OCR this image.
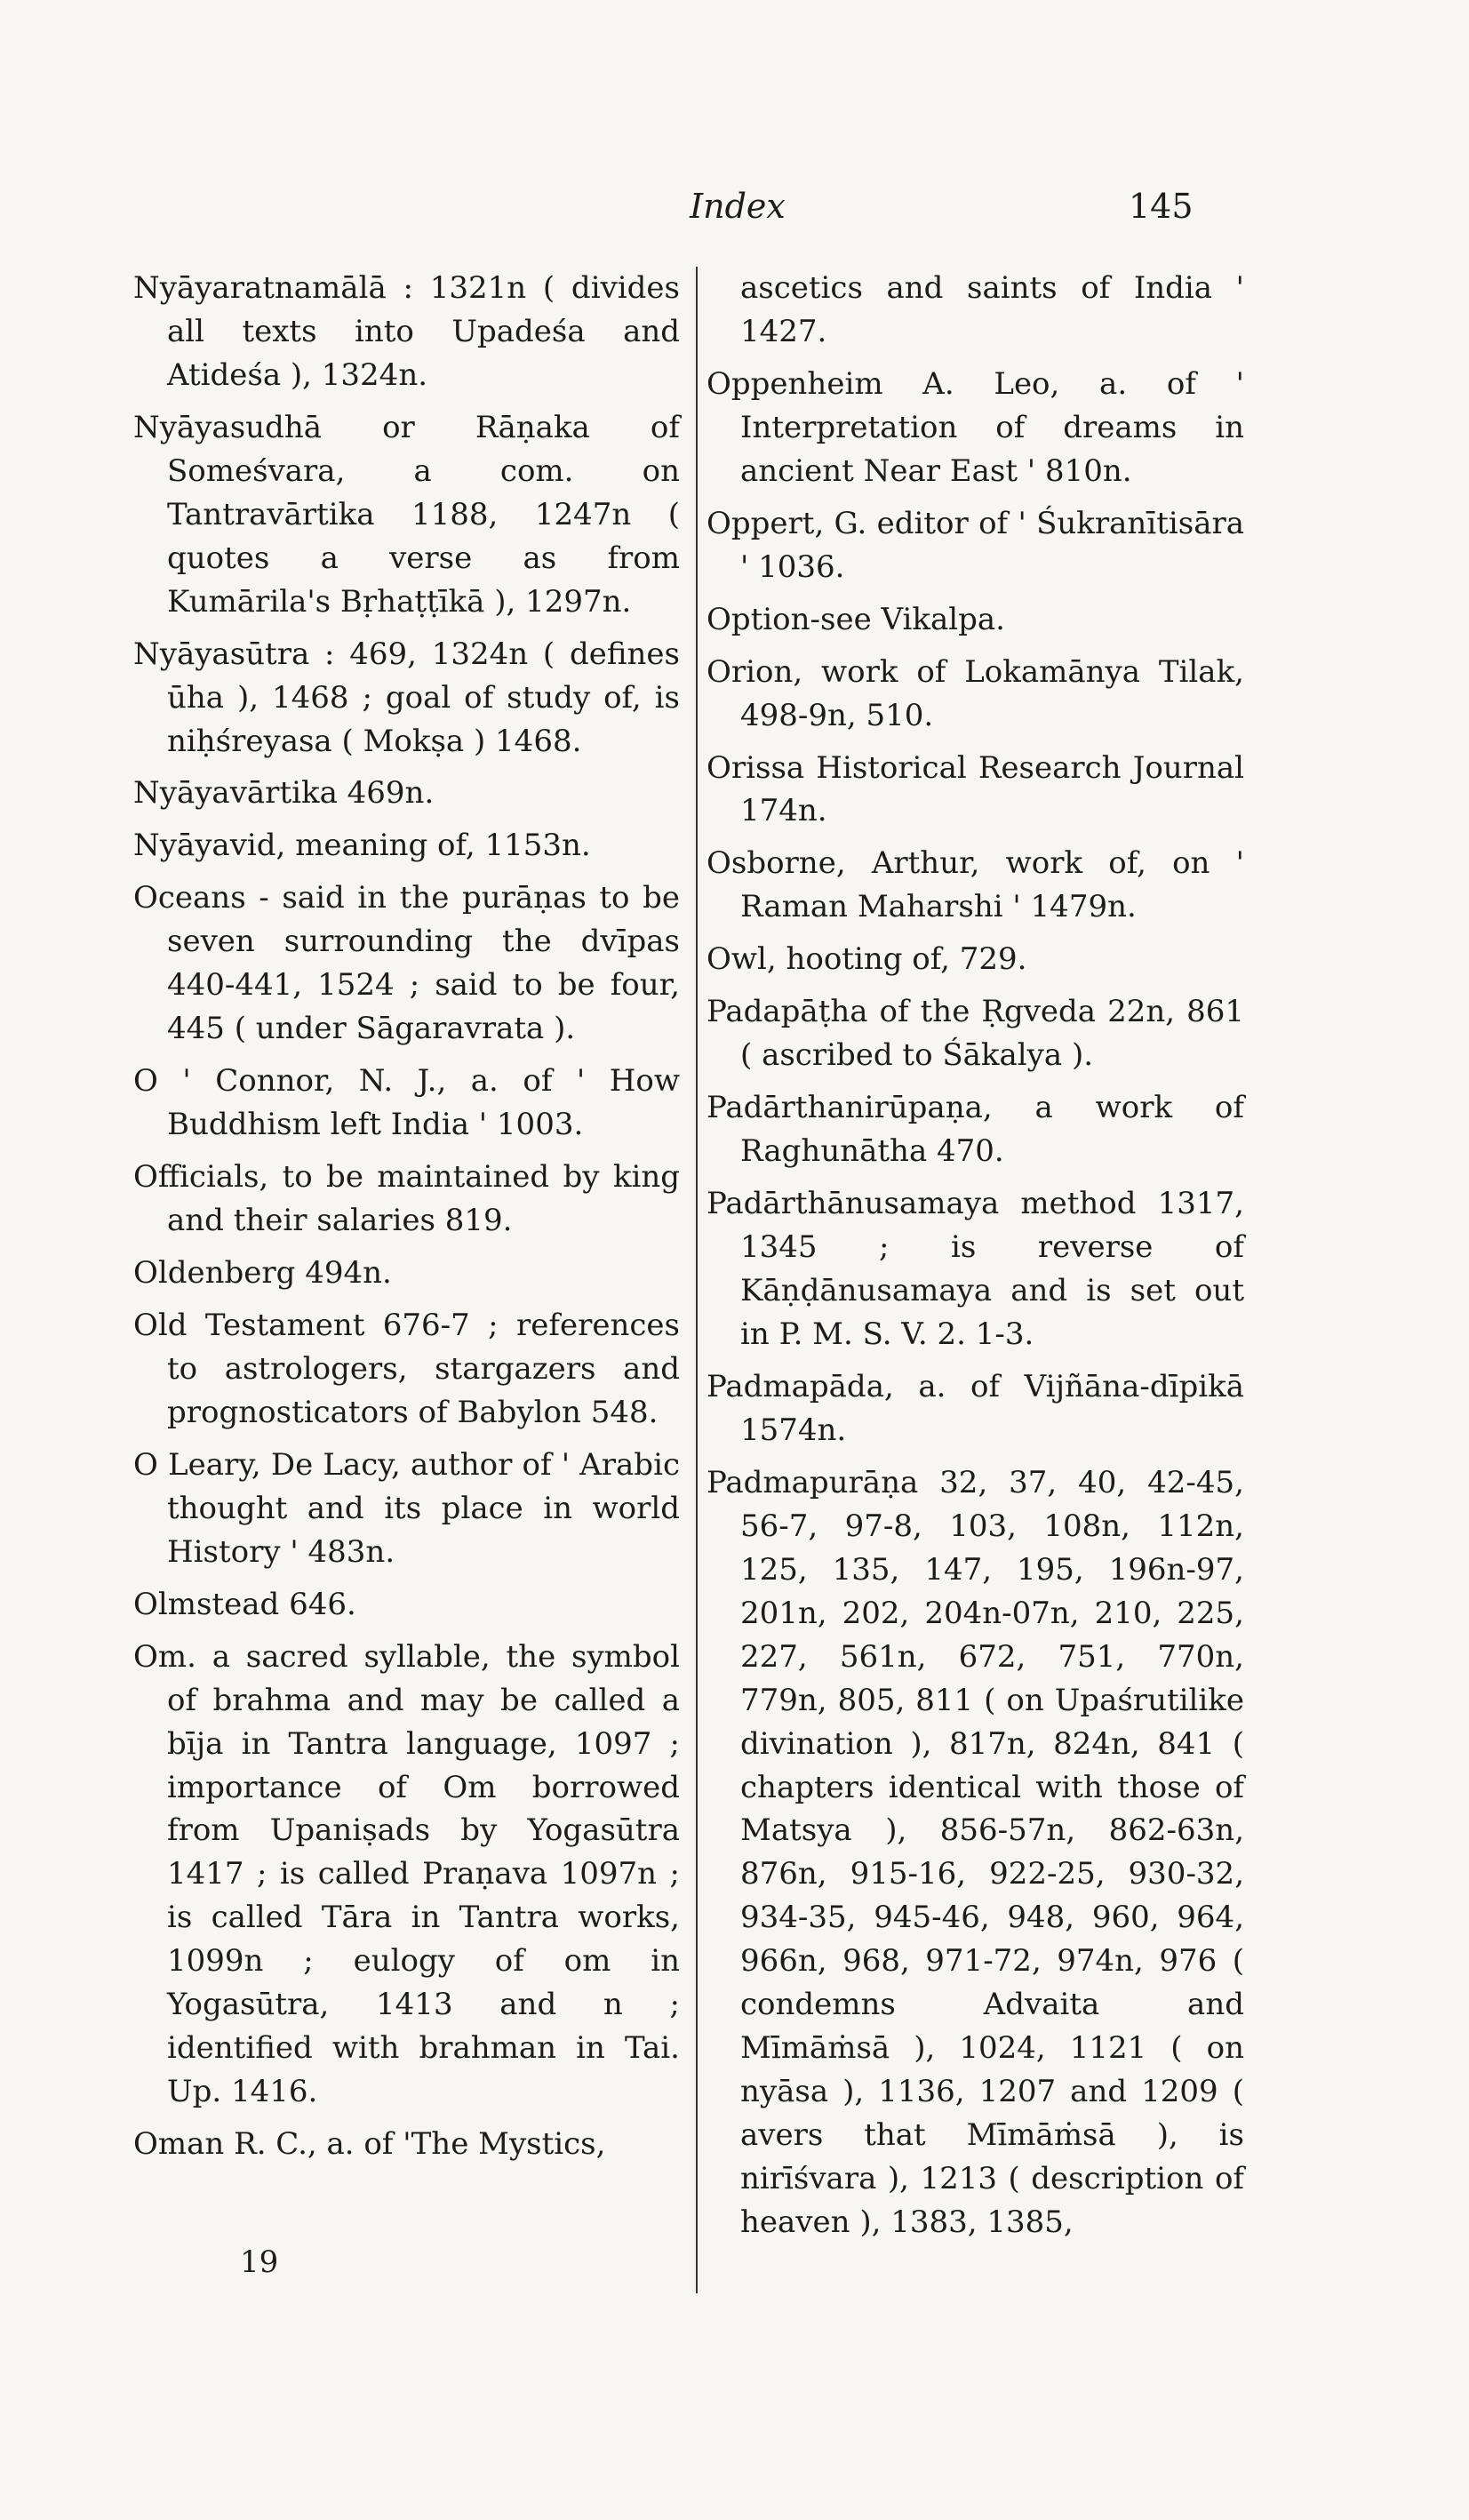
Index	145
Nyāyaratnamālā : 1321n ( divides all texts into Upadeśa and Atideśa ), 1324n.
Nyāyasudhā or Rāṇaka of Someśvara, a com. on Tantravārtika 1188, 1247n ( quotes a verse as from Kumārila's Bṛhaṭṭīkā ), 1297n.
Nyāyasūtra : 469, 1324n ( defines ūha ), 1468 ; goal of study of, is niḥśreyasa ( Mokṣa ) 1468.
Nyāyavārtika 469n.
Nyāyavid, meaning of, 1153n.
Oceans - said in the purāṇas to be seven surrounding the dvīpas 440-441, 1524 ; said to be four, 445 ( under Sāgaravrata ).
O ' Connor, N. J., a. of ' How Buddhism left India ' 1003.
Officials, to be maintained by king and their salaries 819.
Oldenberg 494n.
Old Testament 676-7 ; references to astrologers, stargazers and prognosticators of Babylon 548.
O Leary, De Lacy, author of ' Arabic thought and its place in world History ' 483n.
Olmstead 646.
Om. a sacred syllable, the symbol of brahma and may be called a bīja in Tantra language, 1097 ; importance of Om borrowed from Upaniṣads by Yogasūtra 1417 ; is called Praṇava 1097n ; is called Tāra in Tantra works, 1099n ; eulogy of om in Yogasūtra, 1413 and n ; identified with brahman in Tai. Up. 1416.
Oman R. C., a. of 'The Mystics,
ascetics and saints of India ' 1427.
Oppenheim A. Leo, a. of ' Interpretation of dreams in ancient Near East ' 810n.
Oppert, G. editor of ' Śukranītisāra ' 1036.
Option-see Vikalpa.
Orion, work of Lokamānya Tilak, 498-9n, 510.
Orissa Historical Research Journal 174n.
Osborne, Arthur, work of, on ' Raman Maharshi ' 1479n.
Owl, hooting of, 729.
Padapāṭha of the Ṛgveda 22n, 861 ( ascribed to Śākalya ).
Padārthanirūpaṇa, a work of Raghunātha 470.
Padārthānusamaya method 1317, 1345 ; is reverse of Kāṇḍānusamaya and is set out in P. M. S. V. 2. 1-3.
Padmapāda, a. of Vijñāna-dīpikā 1574n.
Padmapurāṇa 32, 37, 40, 42-45, 56-7, 97-8, 103, 108n, 112n, 125, 135, 147, 195, 196n-97, 201n, 202, 204n-07n, 210, 225, 227, 561n, 672, 751, 770n, 779n, 805, 811 ( on Upaśrutilike divination ), 817n, 824n, 841 ( chapters identical with those of Matsya ), 856-57n, 862-63n, 876n, 915-16, 922-25, 930-32, 934-35, 945-46, 948, 960, 964, 966n, 968, 971-72, 974n, 976 ( condemns Advaita and Mīmāṁsā ), 1024, 1121 ( on nyāsa ), 1136, 1207 and 1209 ( avers that Mīmāṁsā ), is nirīśvara ), 1213 ( description of heaven ), 1383, 1385,
19
